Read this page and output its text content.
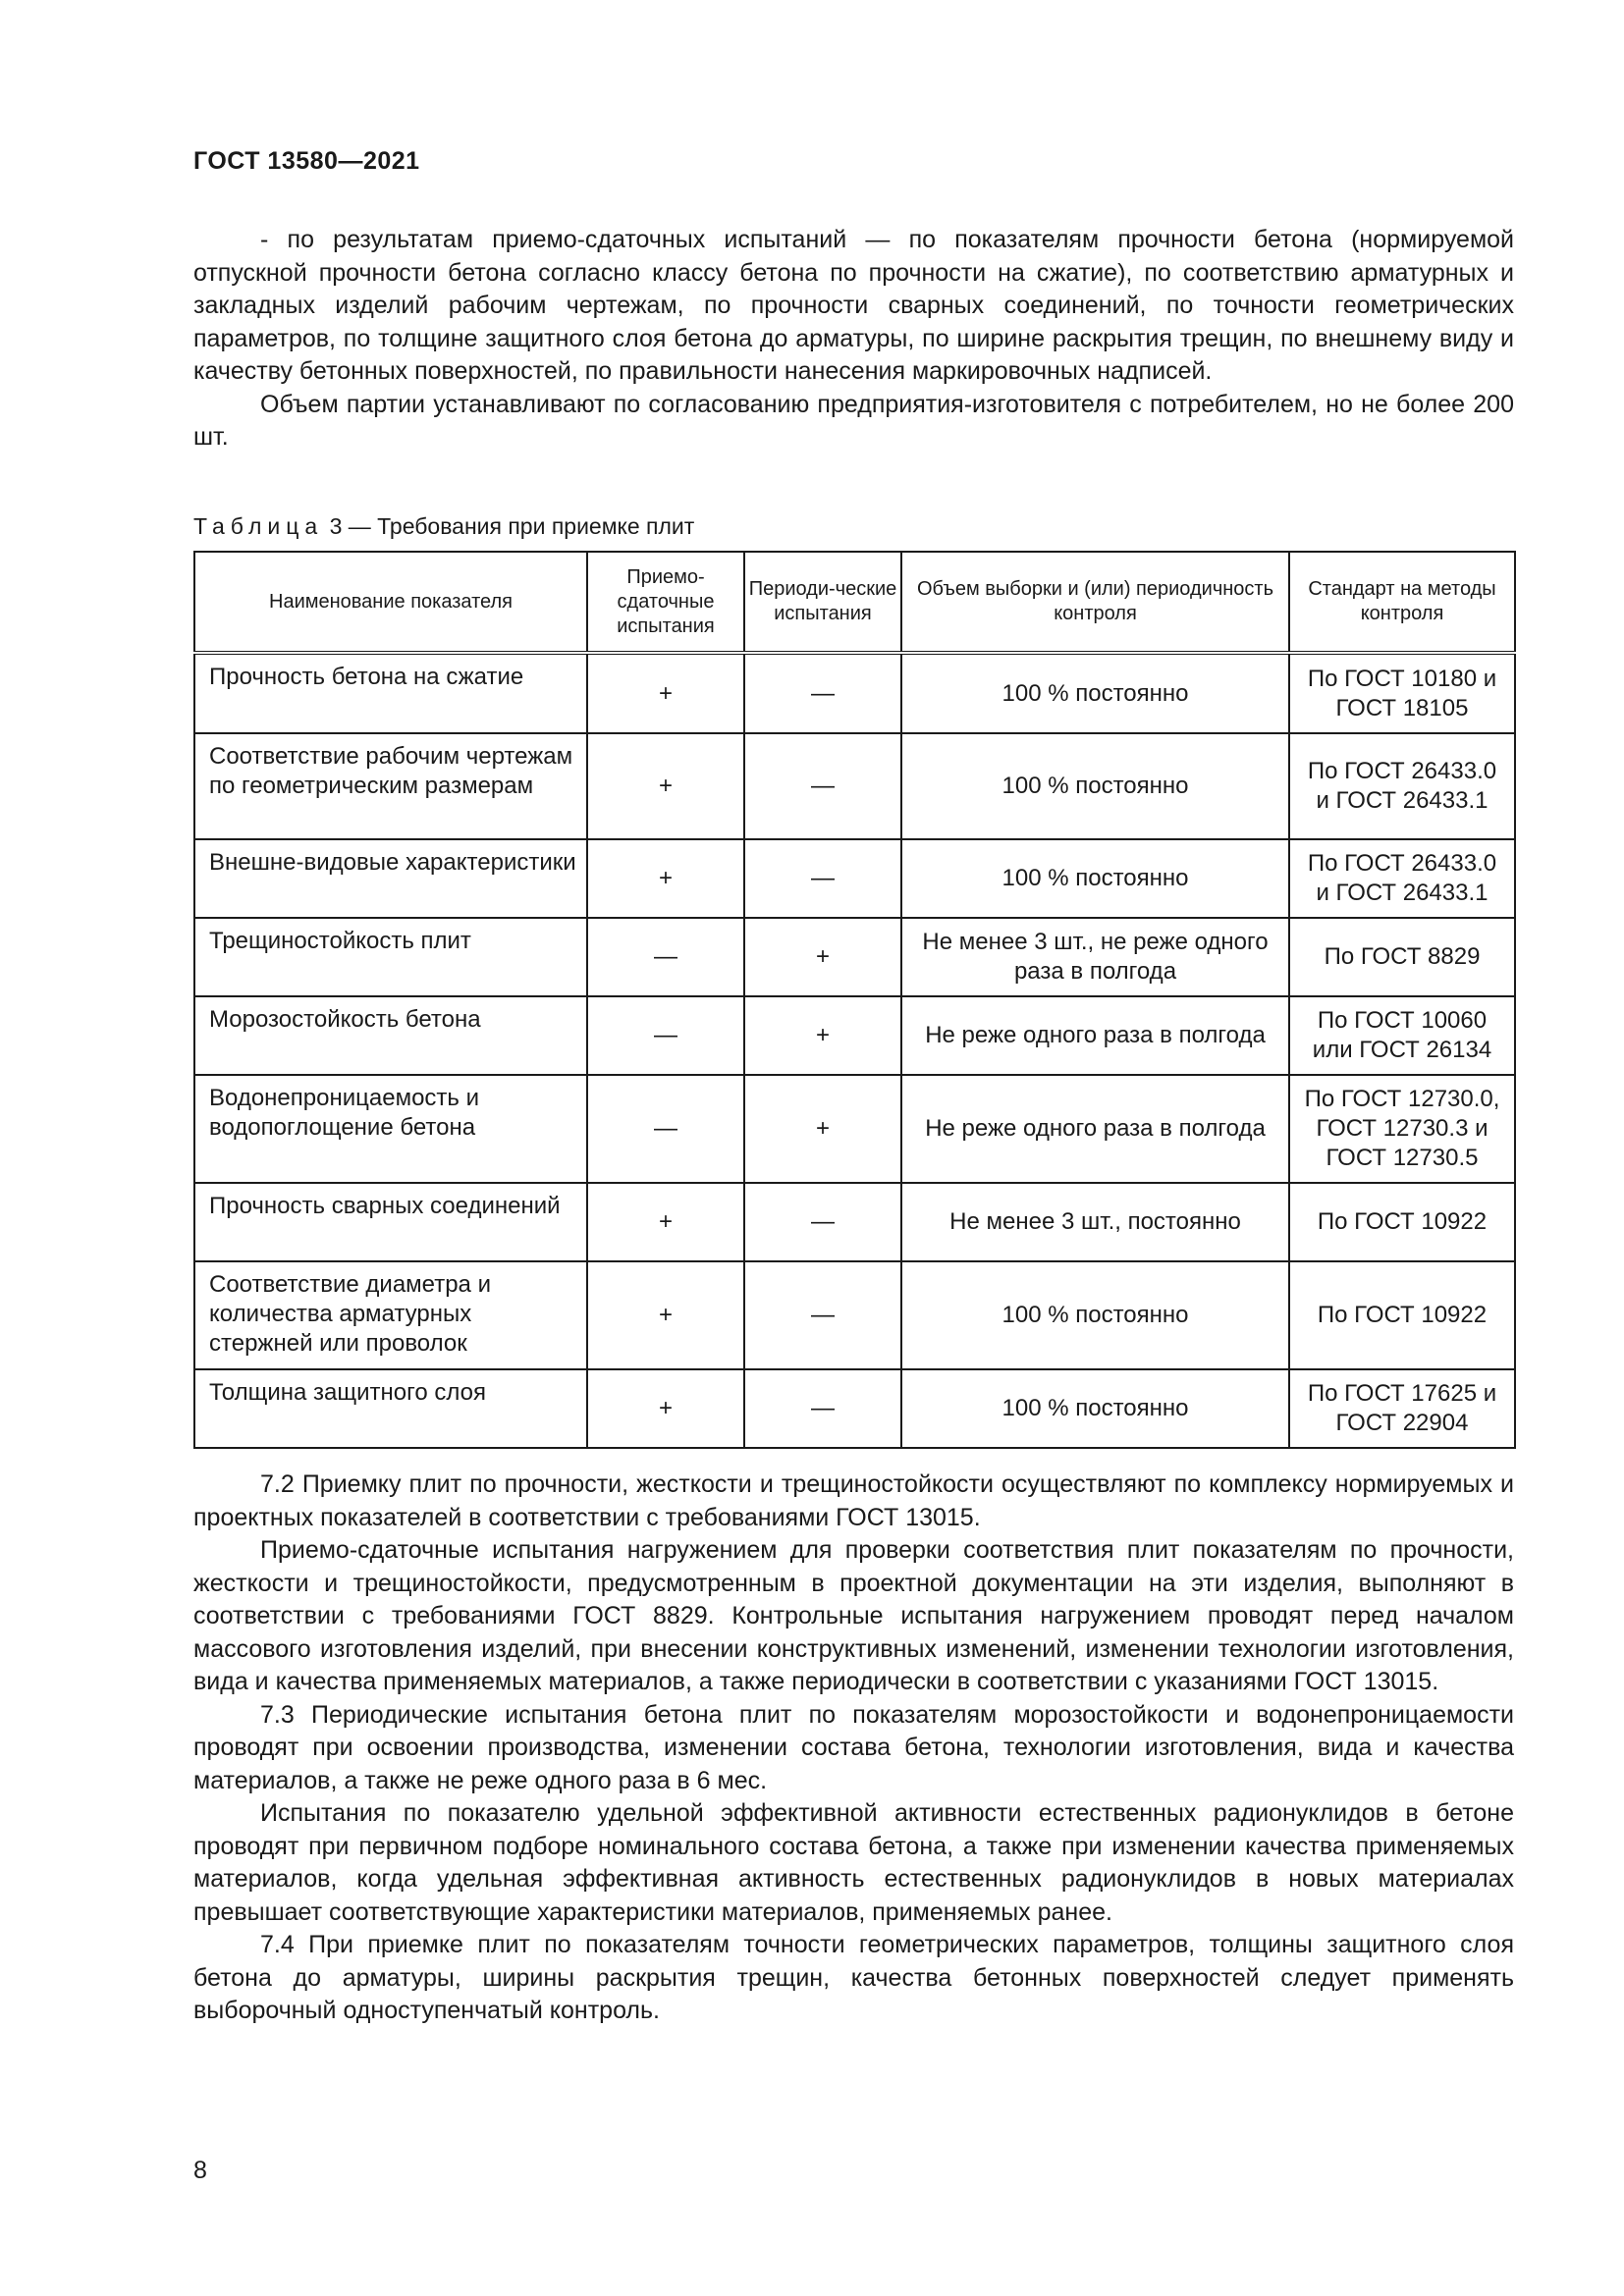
ГОСТ 13580—2021

- по результатам приемо-сдаточных испытаний — по показателям прочности бетона (нормируемой отпускной прочности бетона согласно классу бетона по прочности на сжатие), по соответствию арматурных и закладных изделий рабочим чертежам, по прочности сварных соединений, по точности геометрических параметров, по толщине защитного слоя бетона до арматуры, по ширине раскрытия трещин, по внешнему виду и качеству бетонных поверхностей, по правильности нанесения маркировочных надписей.

Объем партии устанавливают по согласованию предприятия-изготовителя с потребителем, но не более 200 шт.

Таблица 3 — Требования при приемке плит
Наименование показателя	Приемо-сдаточные испытания	Периоди-ческие испытания	Объем выборки и (или) периодичность контроля	Стандарт на методы контроля
Прочность бетона на сжатие	+	—	100 % постоянно	По ГОСТ 10180 и ГОСТ 18105
Соответствие рабочим чертежам по геометрическим размерам	+	—	100 % постоянно	По ГОСТ 26433.0 и ГОСТ 26433.1
Внешне-видовые характеристики	+	—	100 % постоянно	По ГОСТ 26433.0 и ГОСТ 26433.1
Трещиностойкость плит	—	+	Не менее 3 шт., не реже одного раза в полгода	По ГОСТ 8829
Морозостойкость бетона	—	+	Не реже одного раза в полгода	По ГОСТ 10060 или ГОСТ 26134
Водонепроницаемость и водопоглощение бетона	—	+	Не реже одного раза в полгода	По ГОСТ 12730.0, ГОСТ 12730.3 и ГОСТ 12730.5
Прочность сварных соединений	+	—	Не менее 3 шт., постоянно	По ГОСТ 10922
Соответствие диаметра и количества арматурных стержней или проволок	+	—	100 % постоянно	По ГОСТ 10922
Толщина защитного слоя	+	—	100 % постоянно	По ГОСТ 17625 и ГОСТ 22904

7.2 Приемку плит по прочности, жесткости и трещиностойкости осуществляют по комплексу нормируемых и проектных показателей в соответствии с требованиями ГОСТ 13015.

Приемо-сдаточные испытания нагружением для проверки соответствия плит показателям по прочности, жесткости и трещиностойкости, предусмотренным в проектной документации на эти изделия, выполняют в соответствии с требованиями ГОСТ 8829. Контрольные испытания нагружением проводят перед началом массового изготовления изделий, при внесении конструктивных изменений, изменении технологии изготовления, вида и качества применяемых материалов, а также периодически в соответствии с указаниями ГОСТ 13015.

7.3 Периодические испытания бетона плит по показателям морозостойкости и водонепроницаемости проводят при освоении производства, изменении состава бетона, технологии изготовления, вида и качества материалов, а также не реже одного раза в 6 мес.

Испытания по показателю удельной эффективной активности естественных радионуклидов в бетоне проводят при первичном подборе номинального состава бетона, а также при изменении качества применяемых материалов, когда удельная эффективная активность естественных радионуклидов в новых материалах превышает соответствующие характеристики материалов, применяемых ранее.

7.4 При приемке плит по показателям точности геометрических параметров, толщины защитного слоя бетона до арматуры, ширины раскрытия трещин, качества бетонных поверхностей следует применять выборочный одноступенчатый контроль.

8
